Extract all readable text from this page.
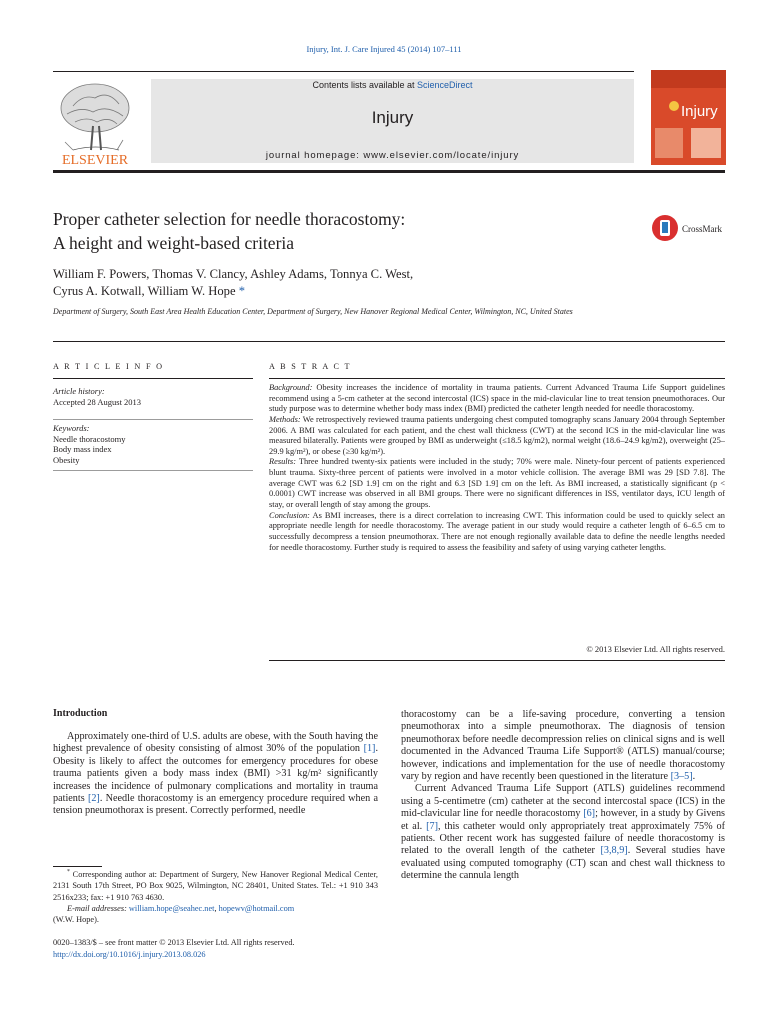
Injury, Int. J. Care Injured 45 (2014) 107–111
ELSEVIER
Contents lists available at ScienceDirect
Injury
journal homepage: www.elsevier.com/locate/injury
Injury
Proper catheter selection for needle thoracostomy:
A height and weight-based criteria
CrossMark
William F. Powers, Thomas V. Clancy, Ashley Adams, Tonnya C. West,
Cyrus A. Kotwall, William W. Hope *
Department of Surgery, South East Area Health Education Center, Department of Surgery, New Hanover Regional Medical Center, Wilmington, NC, United States
A R T I C L E I N F O
Article history:
Accepted 28 August 2013
Keywords:
Needle thoracostomy
Body mass index
Obesity
A B S T R A C T

Background: Obesity increases the incidence of mortality in trauma patients. Current Advanced Trauma Life Support guidelines recommend using a 5-cm catheter at the second intercostal (ICS) space in the mid-clavicular line to treat tension pneumothoraces. Our study purpose was to determine whether body mass index (BMI) predicted the catheter length needed for needle thoracostomy.

Methods: We retrospectively reviewed trauma patients undergoing chest computed tomography scans January 2004 through September 2006. A BMI was calculated for each patient, and the chest wall thickness (CWT) at the second ICS in the mid-clavicular line was measured bilaterally. Patients were grouped by BMI as underweight (≤18.5 kg/m2), normal weight (18.6–24.9 kg/m2), overweight (25–29.9 kg/m²), or obese (≥30 kg/m²).

Results: Three hundred twenty-six patients were included in the study; 70% were male. Ninety-four percent of patients experienced blunt trauma. Sixty-three percent of patients were involved in a motor vehicle collision. The average BMI was 29 [SD 7.8]. The average CWT was 6.2 [SD 1.9] cm on the right and 6.3 [SD 1.9] cm on the left. As BMI increased, a statistically significant (p < 0.0001) CWT increase was observed in all BMI groups. There were no significant differences in ISS, ventilator days, ICU length of stay, or overall length of stay among the groups.

Conclusion: As BMI increases, there is a direct correlation to increasing CWT. This information could be used to quickly select an appropriate needle length for needle thoracostomy. The average patient in our study would require a catheter length of 6–6.5 cm to successfully decompress a tension pneumothorax. There are not enough regionally available data to define the needle lengths needed for needle thoracostomy. Further study is required to assess the feasibility and safety of using varying catheter lengths.

© 2013 Elsevier Ltd. All rights reserved.
Introduction

Approximately one-third of U.S. adults are obese, with the South having the highest prevalence of obesity consisting of almost 30% of the population [1]. Obesity is likely to affect the outcomes for emergency procedures for obese trauma patients given a body mass index (BMI) >31 kg/m² significantly increases the incidence of pulmonary complications and mortality in trauma patients [2]. Needle thoracostomy is an emergency procedure required when a tension pneumothorax is present. Correctly performed, needle

thoracostomy can be a life-saving procedure, converting a tension pneumothorax into a simple pneumothorax. The diagnosis of tension pneumothorax before needle decompression relies on clinical signs and is well documented in the Advanced Trauma Life Support® (ATLS) manual/course; however, indications and implementation for the use of needle thoracostomy vary by region and have recently been questioned in the literature [3–5].

Current Advanced Trauma Life Support (ATLS) guidelines recommend using a 5-centimetre (cm) catheter at the second intercostal space (ICS) in the mid-clavicular line for needle thoracostomy [6]; however, in a study by Givens et al. [7], this catheter would only appropriately treat approximately 75% of patients. Other recent work has suggested failure of needle thoracostomy is related to the overall length of the catheter [3,8,9]. Several studies have evaluated using computed tomography (CT) scan and chest wall thickness to determine the cannula length

* Corresponding author at: Department of Surgery, New Hanover Regional Medical Center, 2131 South 17th Street, PO Box 9025, Wilmington, NC 28401, United States. Tel.: +1 910 343 2516x233; fax: +1 910 763 4630.

E-mail addresses: william.hope@seahec.net, hopewv@hotmail.com

(W.W. Hope).

0020–1383/$ – see front matter © 2013 Elsevier Ltd. All rights reserved.
http://dx.doi.org/10.1016/j.injury.2013.08.026
